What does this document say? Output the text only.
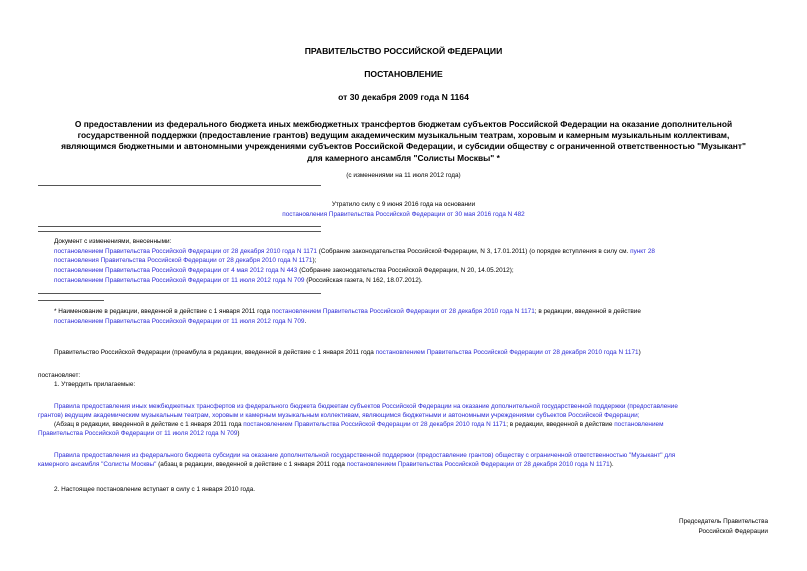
ПРАВИТЕЛЬСТВО РОССИЙСКОЙ ФЕДЕРАЦИИ
ПОСТАНОВЛЕНИЕ
от 30 декабря 2009 года N 1164
О предоставлении из федерального бюджета иных межбюджетных трансфертов бюджетам субъектов Российской Федерации на оказание дополнительной
государственной поддержки (предоставление грантов) ведущим академическим музыкальным театрам, хоровым и камерным музыкальным коллективам,
являющимся бюджетными и автономными учреждениями субъектов Российской Федерации, и субсидии обществу с ограниченной ответственностью "Музыкант"
для камерного ансамбля "Солисты Москвы" *
(с изменениями на 11 июля 2012 года)
Утратило силу с 9 июня 2016 года на основании
постановления Правительства Российской Федерации от 30 мая 2016 года N 482
Документ с изменениями, внесенными:
постановлением Правительства Российской Федерации от 28 декабря 2010 года N 1171 (Собрание законодательства Российской Федерации, N 3, 17.01.2011) (о порядке вступления в силу см. пункт 28
постановления Правительства Российской Федерации от 28 декабря 2010 года N 1171);
постановлением Правительства Российской Федерации от 4 мая 2012 года N 443 (Собрание законодательства Российской Федерации, N 20, 14.05.2012);
постановлением Правительства Российской Федерации от 11 июля 2012 года N 709 (Российская газета, N 162, 18.07.2012).
* Наименование в редакции, введенной в действие с 1 января 2011 года постановлением Правительства Российской Федерации от 28 декабря 2010 года N 1171; в редакции, введенной в действие
постановлением Правительства Российской Федерации от 11 июля 2012 года N 709.
Правительство Российской Федерации (преамбула в редакции, введенной в действие с 1 января 2011 года постановлением Правительства Российской Федерации от 28 декабря 2010 года N 1171)
постановляет:
1. Утвердить прилагаемые:
Правила предоставления иных межбюджетных трансфертов из федерального бюджета бюджетам субъектов Российской Федерации на оказание дополнительной государственной поддержки (предоставление
грантов) ведущим академическим музыкальным театрам, хоровым и камерным музыкальным коллективам, являющимся бюджетными и автономными учреждениями субъектов Российской Федерации;
(Абзац в редакции, введенной в действие с 1 января 2011 года постановлением Правительства Российской Федерации от 28 декабря 2010 года N 1171; в редакции, введенной в действие постановлением
Правительства Российской Федерации от 11 июля 2012 года N 709)
Правила предоставления из федерального бюджета субсидии на оказание дополнительной государственной поддержки (предоставление грантов) обществу с ограниченной ответственностью "Музыкант" для
камерного ансамбля "Солисты Москвы" (абзац в редакции, введенной в действие с 1 января 2011 года постановлением Правительства Российской Федерации от 28 декабря 2010 года N 1171).
2. Настоящее постановление вступает в силу с 1 января 2010 года.
Председатель Правительства
Российской Федерации
